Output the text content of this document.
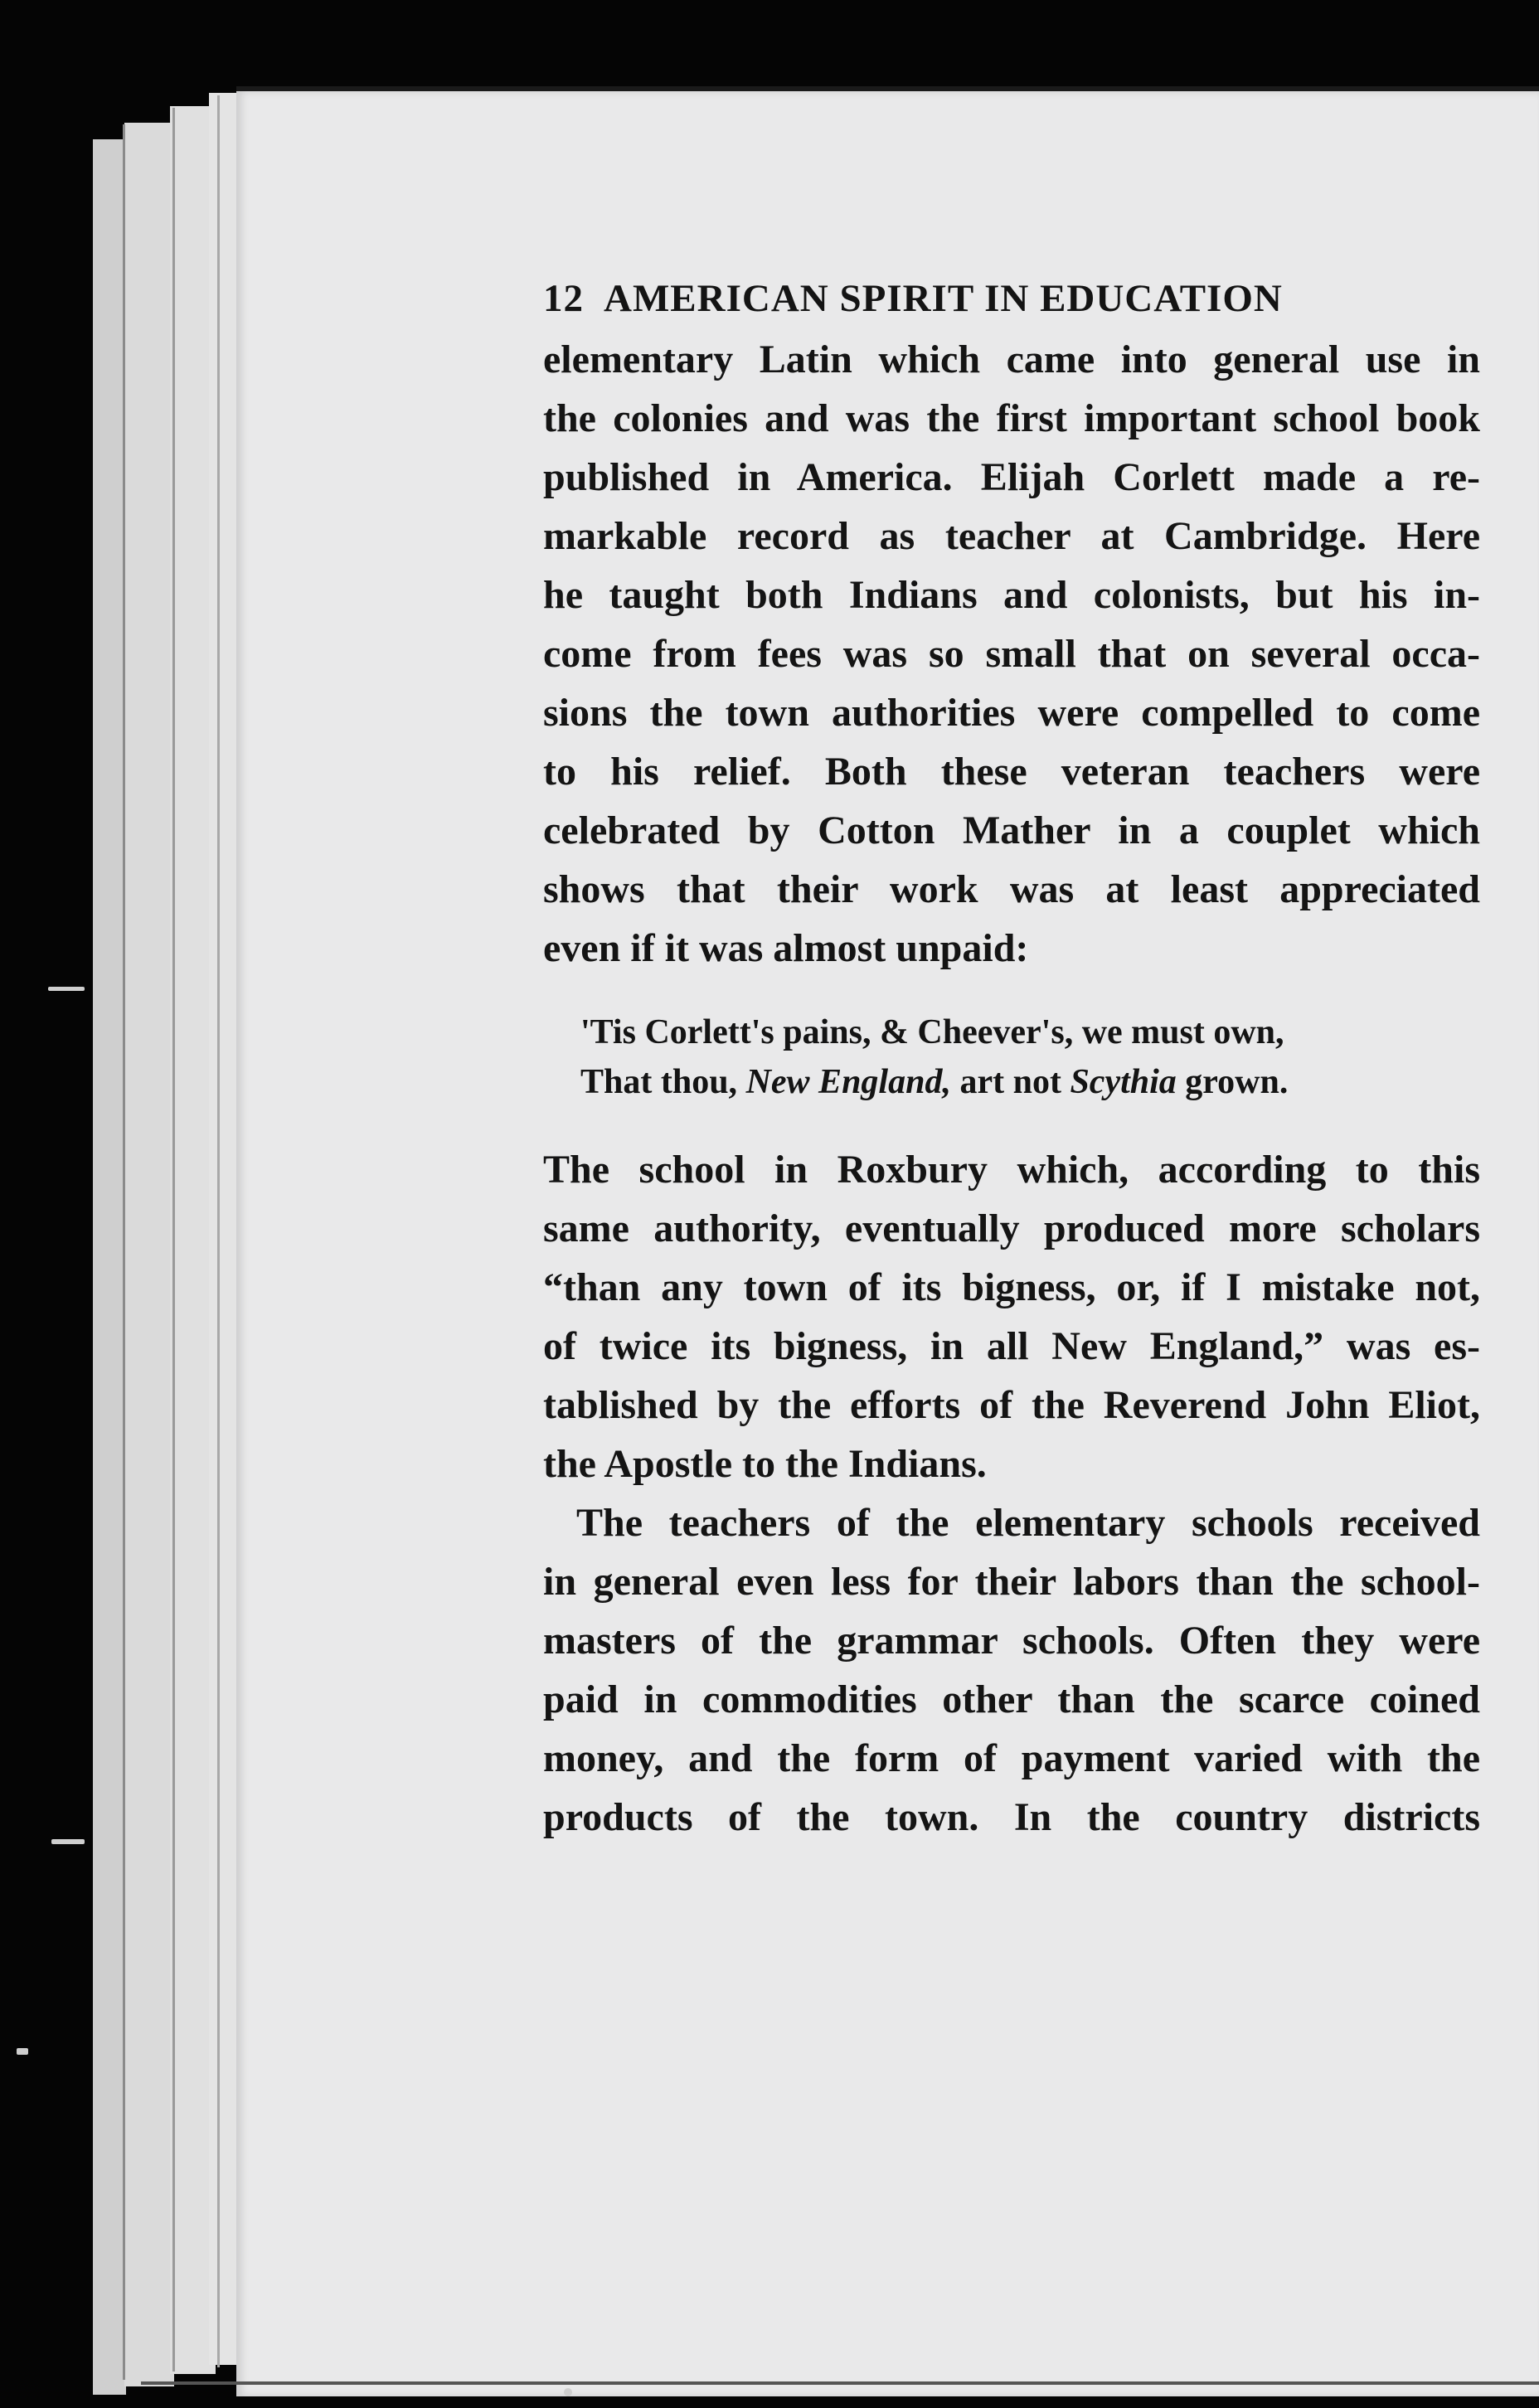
12 AMERICAN SPIRIT IN EDUCATION
elementary Latin which came into general use in
the colonies and was the first important school book
published in America. Elijah Corlett made a re-
markable record as teacher at Cambridge. Here
he taught both Indians and colonists, but his in-
come from fees was so small that on several occa-
sions the town authorities were compelled to come
to his relief. Both these veteran teachers were
celebrated by Cotton Mather in a couplet which
shows that their work was at least appreciated
even if it was almost unpaid:
'Tis Corlett's pains, & Cheever's, we must own,
That thou, New England, art not Scythia grown.
The school in Roxbury which, according to this
same authority, eventually produced more scholars
“than any town of its bigness, or, if I mistake not,
of twice its bigness, in all New England,” was es-
tablished by the efforts of the Reverend John Eliot,
the Apostle to the Indians.
The teachers of the elementary schools received
in general even less for their labors than the school-
masters of the grammar schools. Often they were
paid in commodities other than the scarce coined
money, and the form of payment varied with the
products of the town. In the country districts
